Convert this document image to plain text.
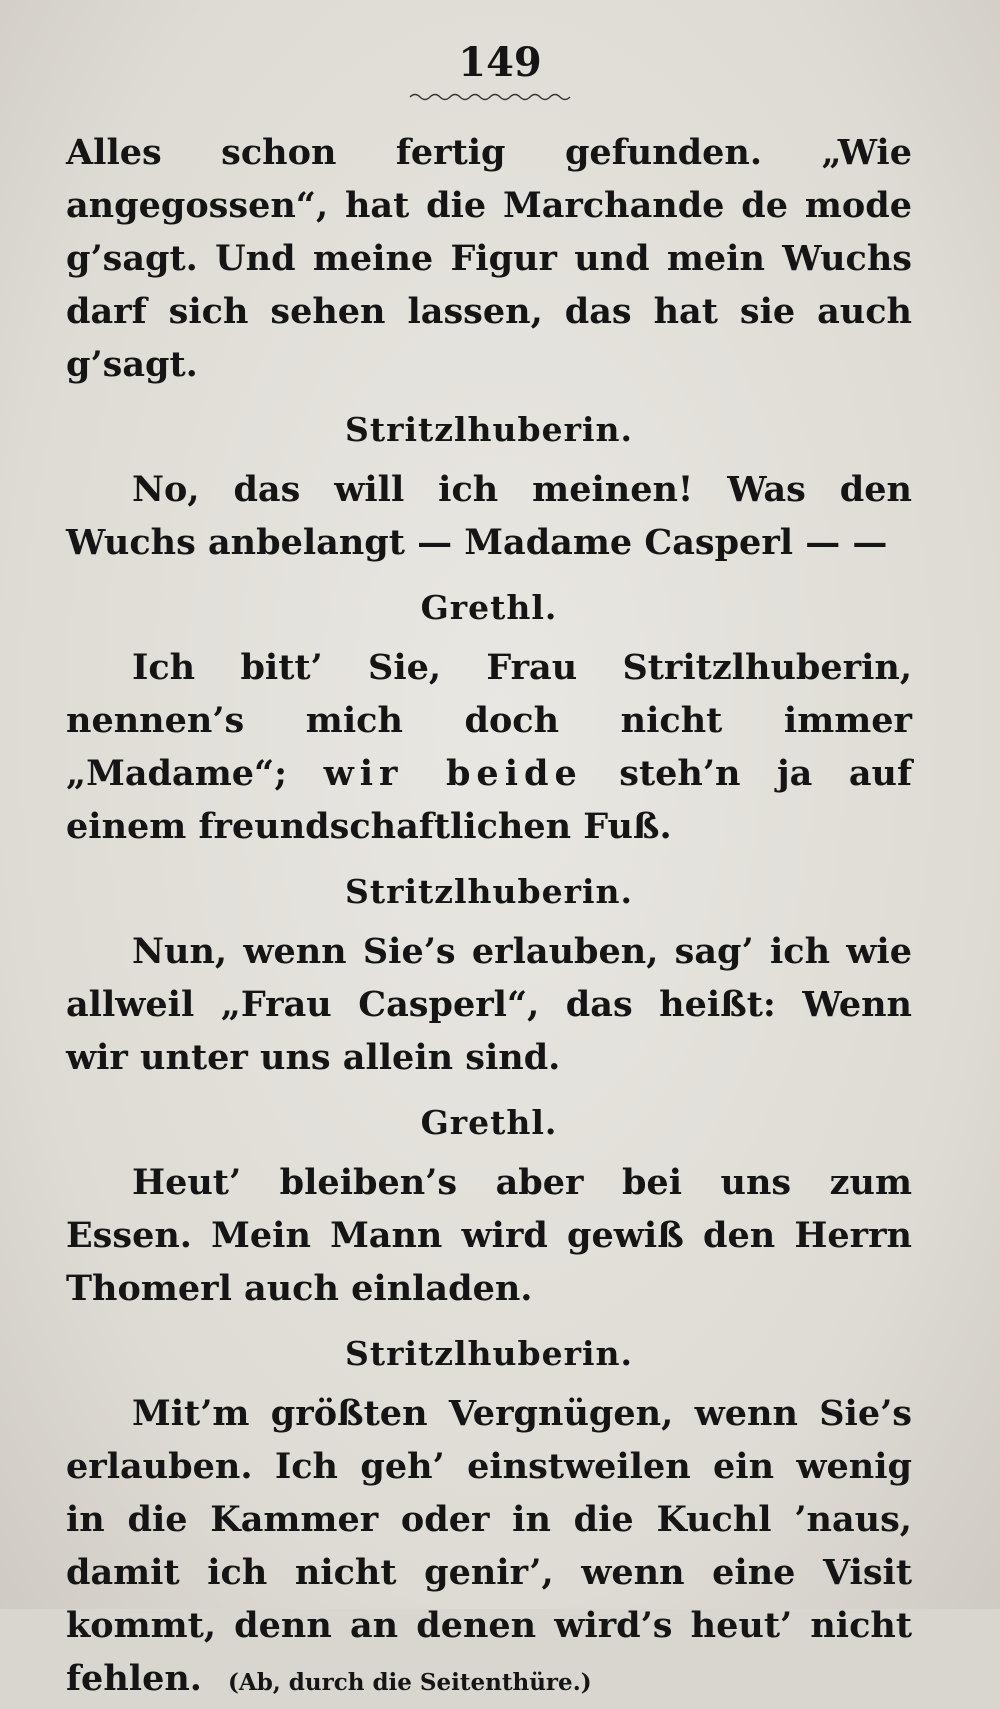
149

Alles schon fertig gefunden. „Wie angegossen“, hat die Marchande de mode g’sagt. Und meine Figur und mein Wuchs darf sich sehen lassen, das hat sie auch g’sagt.

Stritzlhuberin.

No, das will ich meinen! Was den Wuchs anbelangt — Madame Casperl — —

Grethl.

Ich bitt’ Sie, Frau Stritzlhuberin, nennen’s mich doch nicht immer „Madame“; wir beide steh’n ja auf einem freundschaftlichen Fuß.

Stritzlhuberin.

Nun, wenn Sie’s erlauben, sag’ ich wie allweil „Frau Casperl“, das heißt: Wenn wir unter uns allein sind.

Grethl.

Heut’ bleiben’s aber bei uns zum Essen. Mein Mann wird gewiß den Herrn Thomerl auch einladen.

Stritzlhuberin.

Mit’m größten Vergnügen, wenn Sie’s erlauben. Ich geh’ einstweilen ein wenig in die Kammer oder in die Kuchl ’naus, damit ich nicht genir’, wenn eine Visit kommt, denn an denen wird’s heut’ nicht fehlen. (Ab, durch die Seitenthüre.)
